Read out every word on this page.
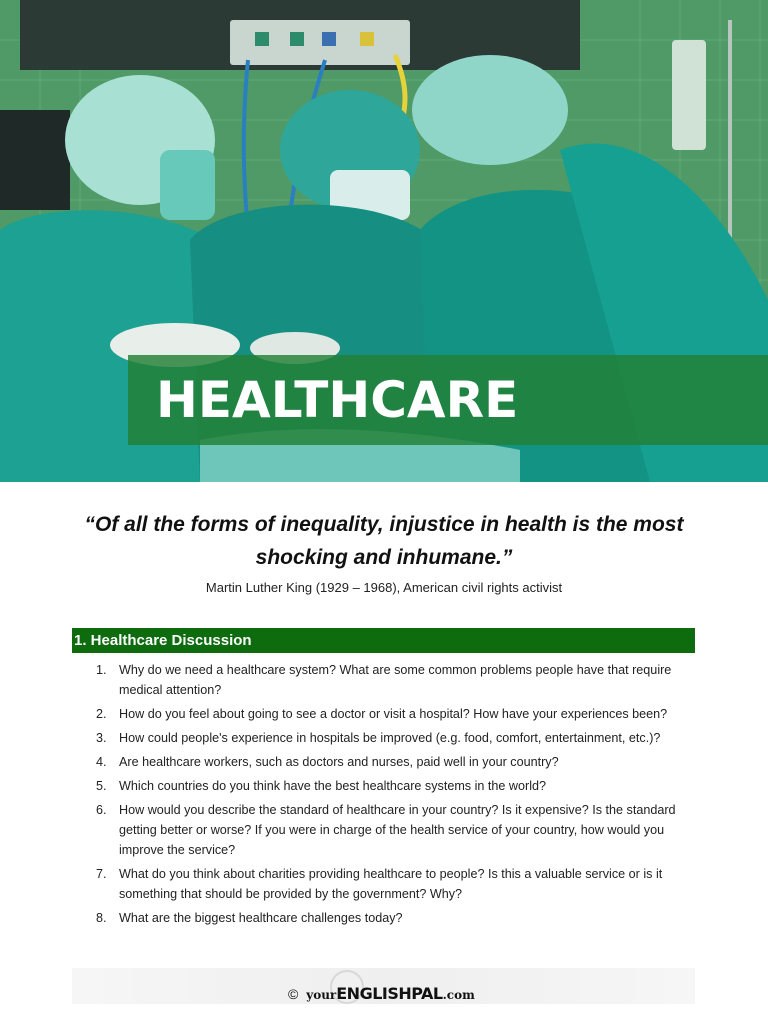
HEALTHCARE
“Of all the forms of inequality, injustice in health is the most shocking and inhumane.”
Martin Luther King (1929 – 1968), American civil rights activist
1. Healthcare Discussion
1. Why do we need a healthcare system? What are some common problems people have that require medical attention?
2. How do you feel about going to see a doctor or visit a hospital? How have your experiences been?
3. How could people's experience in hospitals be improved (e.g. food, comfort, entertainment, etc.)?
4. Are healthcare workers, such as doctors and nurses, paid well in your country?
5. Which countries do you think have the best healthcare systems in the world?
6. How would you describe the standard of healthcare in your country? Is it expensive? Is the standard getting better or worse? If you were in charge of the health service of your country, how would you improve the service?
7. What do you think about charities providing healthcare to people? Is this a valuable service or is it something that should be provided by the government? Why?
8. What are the biggest healthcare challenges today?
© yourENGLISHPAL.com
